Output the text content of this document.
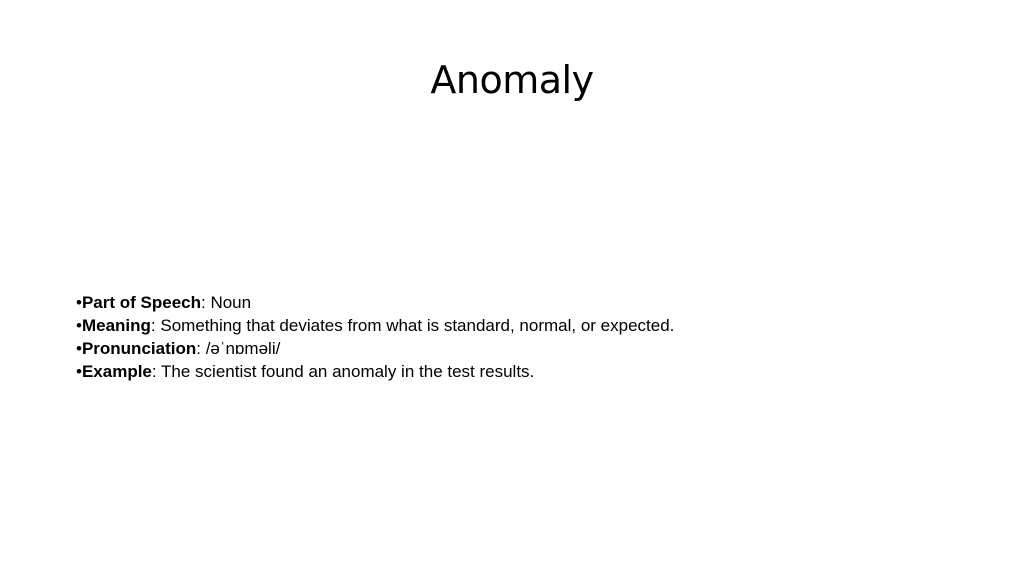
Anomaly
•Part of Speech: Noun
•Meaning: Something that deviates from what is standard, normal, or expected.
•Pronunciation: /əˈnɒməli/
•Example: The scientist found an anomaly in the test results.
